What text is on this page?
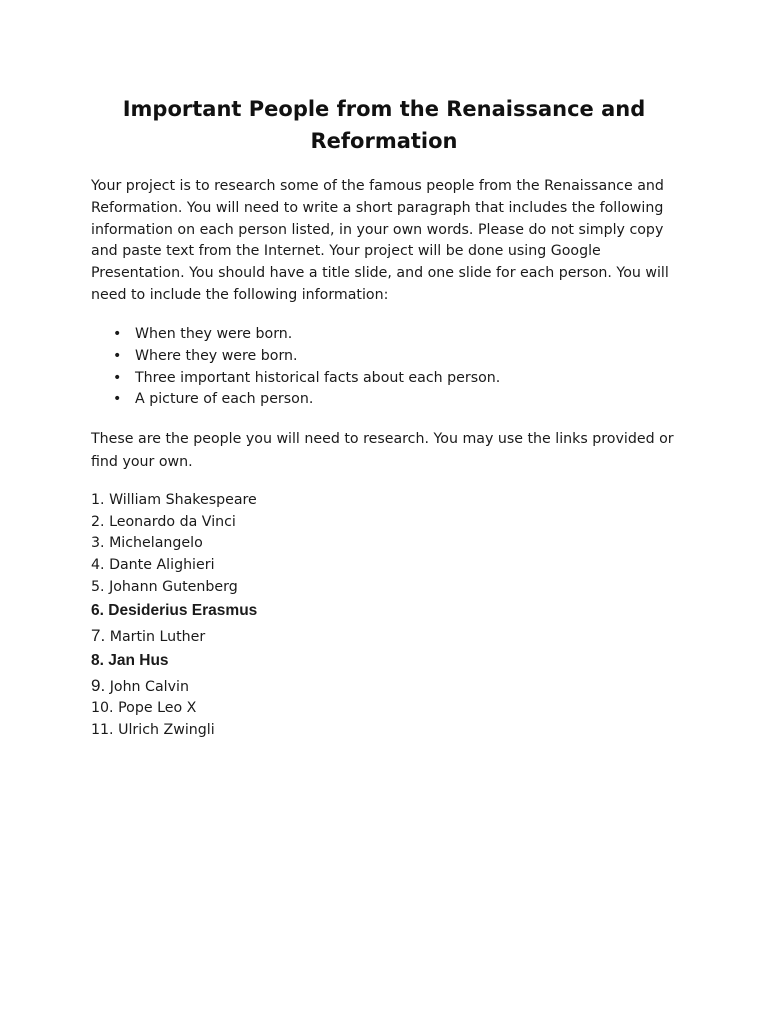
Important People from the Renaissance and Reformation

Your project is to research some of the famous people from the Renaissance and Reformation. You will need to write a short paragraph that includes the following information on each person listed, in your own words. Please do not simply copy and paste text from the Internet. Your project will be done using Google Presentation. You should have a title slide, and one slide for each person. You will need to include the following information:

• When they were born.
• Where they were born.
• Three important historical facts about each person.
• A picture of each person.

These are the people you will need to research. You may use the links provided or find your own.

1. William Shakespeare
2. Leonardo da Vinci
3. Michelangelo
4. Dante Alighieri
5. Johann Gutenberg
6. Desiderius Erasmus
7. Martin Luther
8. Jan Hus
9. John Calvin
10. Pope Leo X
11. Ulrich Zwingli
